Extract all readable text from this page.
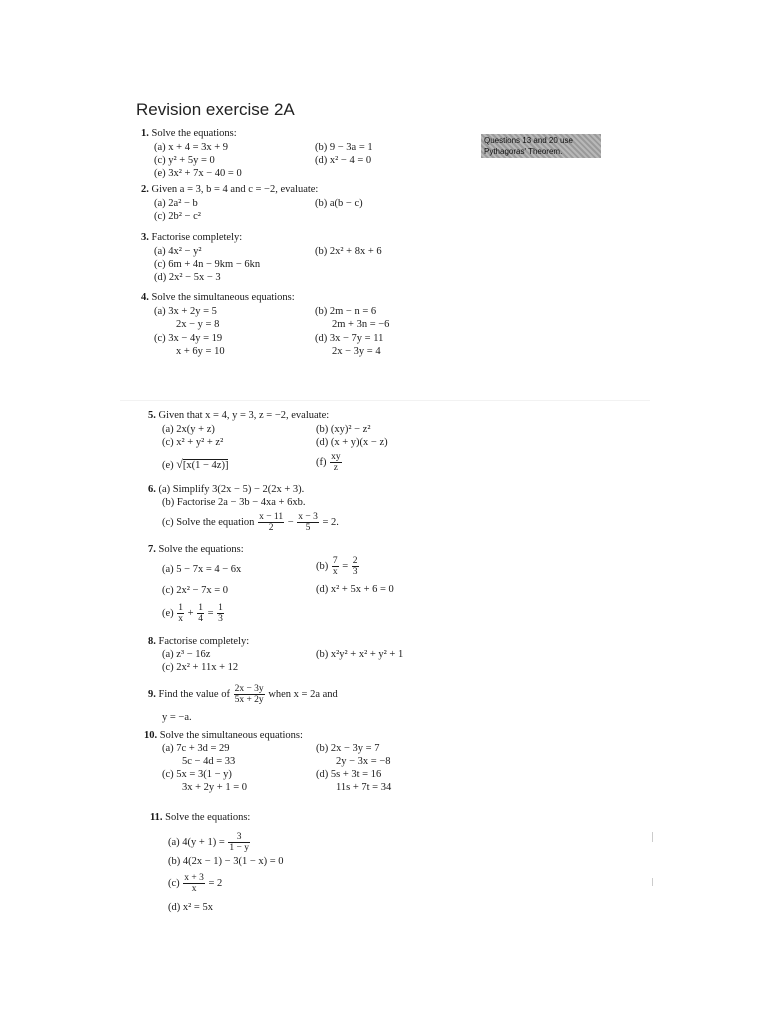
Revision exercise 2A
Questions 13 and 20 use Pythagoras' Theorem.
1. Solve the equations:
(a) x + 4 = 3x + 9	(b) 9 − 3a = 1
(c) y² + 5y = 0	(d) x² − 4 = 0
(e) 3x² + 7x − 40 = 0
2. Given a = 3, b = 4 and c = −2, evaluate:
(a) 2a² − b	(b) a(b − c)
(c) 2b² − c²
3. Factorise completely:
(a) 4x² − y²	(b) 2x² + 8x + 6
(c) 6m + 4n − 9km − 6kn
(d) 2x² − 5x − 3
4. Solve the simultaneous equations:
(a) 3x + 2y = 5
2x − y = 8
(b) 2m − n = 6
2m + 3n = −6
(c) 3x − 4y = 19
x + 6y = 10
(d) 3x − 7y = 11
2x − 3y = 4
5. Given that x = 4, y = 3, z = −2, evaluate:
(a) 2x(y + z)	(b) (xy)² − z²
(c) x² + y² + z²	(d) (x + y)(x − z)
(e) √[x(1 − 4z)]	$(f) \frac{xy}{z}$
6. (a) Simplify 3(2x − 5) − 2(2x + 3).
(b) Factorise 2a − 3b − 4xa + 6xb.
(c) Solve the equation $\frac{x - 11}{2} - \frac{x - 3}{5} = 2$.
7. Solve the equations:
(a) 5 − 7x = 4 − 6x	$(b) \frac{7}{x} = \frac{2}{3}$
(c) 2x² − 7x = 0	(d) x² + 5x + 6 = 0
$(e) \frac{1}{x} + \frac{1}{4} = \frac{1}{3}$
8. Factorise completely:
(a) z³ − 16z	(b) x²y² + x² + y² + 1
(c) 2x² + 11x + 12
9. Find the value of $\frac{2x - 3y}{5x + 2y}$ when x = 2a and
y = −a.
10. Solve the simultaneous equations:
(a) 7c + 3d = 29
5c − 4d = 33
(b) 2x − 3y = 7
2y − 3x = −8
(c) 5x = 3(1 − y)
3x + 2y + 1 = 0
(d) 5s + 3t = 16
11s + 7t = 34
11. Solve the equations:
(a) $4(y + 1) = \frac{3}{1 - y}$
(b) 4(2x − 1) − 3(1 − x) = 0
$(c) \frac{x + 3}{x} = 2$
(d) x² = 5x
